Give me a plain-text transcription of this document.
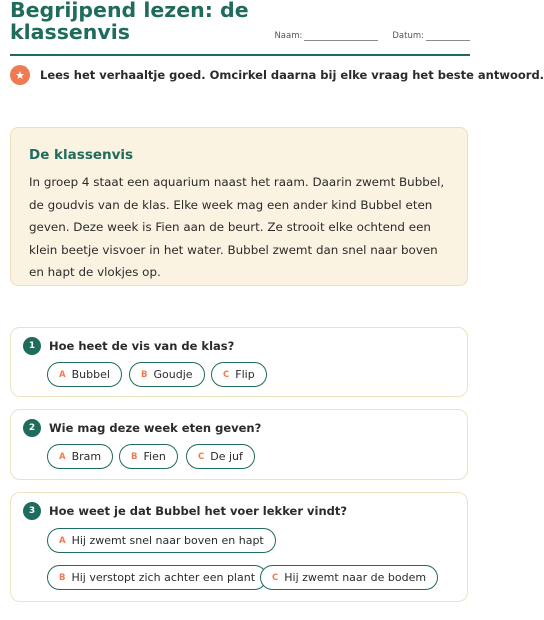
Begrijpend lezen: de klassenvis	Naam:	Datum:
★	Lees het verhaaltje goed. Omcirkel daarna bij elke vraag het beste antwoord.
De klassenvis
In groep 4 staat een aquarium naast het raam. Daarin zwemt Bubbel, de goudvis van de klas. Elke week mag een ander kind Bubbel eten geven. Deze week is Fien aan de beurt. Ze strooit elke ochtend een klein beetje visvoer in het water. Bubbel zwemt dan snel naar boven en hapt de vlokjes op.
1	Hoe heet de vis van de klas?
A Bubbel	B Goudje	C Flip
2	Wie mag deze week eten geven?
A Bram	B Fien	C De juf
3	Hoe weet je dat Bubbel het voer lekker vindt?
A Hij zwemt snel naar boven en hapt
B Hij verstopt zich achter een plant C Hij zwemt naar de bodem
